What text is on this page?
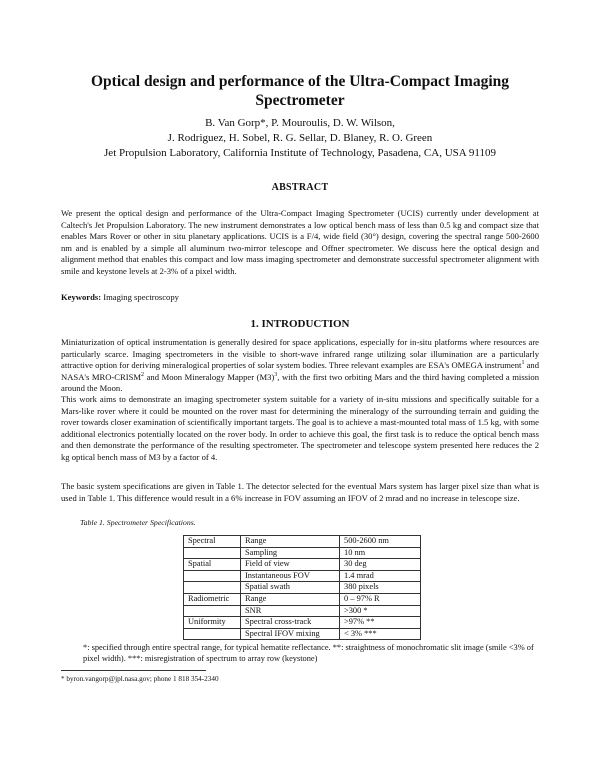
Optical design and performance of the Ultra-Compact Imaging Spectrometer
B. Van Gorp*, P. Mouroulis, D. W. Wilson,
J. Rodriguez, H. Sobel, R. G. Sellar, D. Blaney, R. O. Green
Jet Propulsion Laboratory, California Institute of Technology, Pasadena, CA, USA 91109
ABSTRACT

We present the optical design and performance of the Ultra-Compact Imaging Spectrometer (UCIS) currently under development at Caltech's Jet Propulsion Laboratory. The new instrument demonstrates a low optical bench mass of less than 0.5 kg and compact size that enables Mars Rover or other in situ planetary applications. UCIS is a F/4, wide field (30°) design, covering the spectral range 500-2600 nm and is enabled by a simple all aluminum two-mirror telescope and Offner spectrometer. We discuss here the optical design and alignment method that enables this compact and low mass imaging spectrometer and demonstrate successful spectrometer alignment with smile and keystone levels at 2-3% of a pixel width.

Keywords: Imaging spectroscopy
1. INTRODUCTION

Miniaturization of optical instrumentation is generally desired for space applications, especially for in-situ platforms where resources are particularly scarce. Imaging spectrometers in the visible to short-wave infrared range utilizing solar illumination are a particularly attractive option for deriving mineralogical properties of solar system bodies. Three relevant examples are ESA's OMEGA instrument$^1$ and NASA's MRO-CRISM$^2$ and Moon Mineralogy Mapper $(M3)^3$, with the first two orbiting Mars and the third having completed a mission around the Moon.

This work aims to demonstrate an imaging spectrometer system suitable for a variety of in-situ missions and specifically suitable for a Mars-like rover where it could be mounted on the rover mast for determining the mineralogy of the surrounding terrain and guiding the rover towards closer examination of scientifically important targets. The goal is to achieve a mast-mounted total mass of 1.5 kg, with some additional electronics potentially located on the rover body. In order to achieve this goal, the first task is to reduce the optical bench mass and then demonstrate the performance of the resulting spectrometer. The spectrometer and telescope system presented here reduces the 2 kg optical bench mass of M3 by a factor of 4.

The basic system specifications are given in Table 1. The detector selected for the eventual Mars system has larger pixel size than what is used in Table 1. This difference would result in a 6% increase in FOV assuming an IFOV of 2 mrad and no increase in telescope size.

Table 1. Spectrometer Specifications.
Spectral	Range	500-2600 nm
	Sampling	10 nm
Spatial	Field of view	30 deg
	Instantaneous FOV	1.4 mrad
	Spatial swath	380 pixels
Radiometric	Range	0 – 97% R
	SNR	>300 *
Uniformity	Spectral cross-track	>97% **
	Spectral IFOV mixing	< 3% ***

*: specified through entire spectral range, for typical hematite reflectance. **: straightness of monochromatic slit image (smile <3% of pixel width). ***: misregistration of spectrum to array row (keystone)

* byron.vangorp@jpl.nasa.gov; phone 1 818 354-2340
